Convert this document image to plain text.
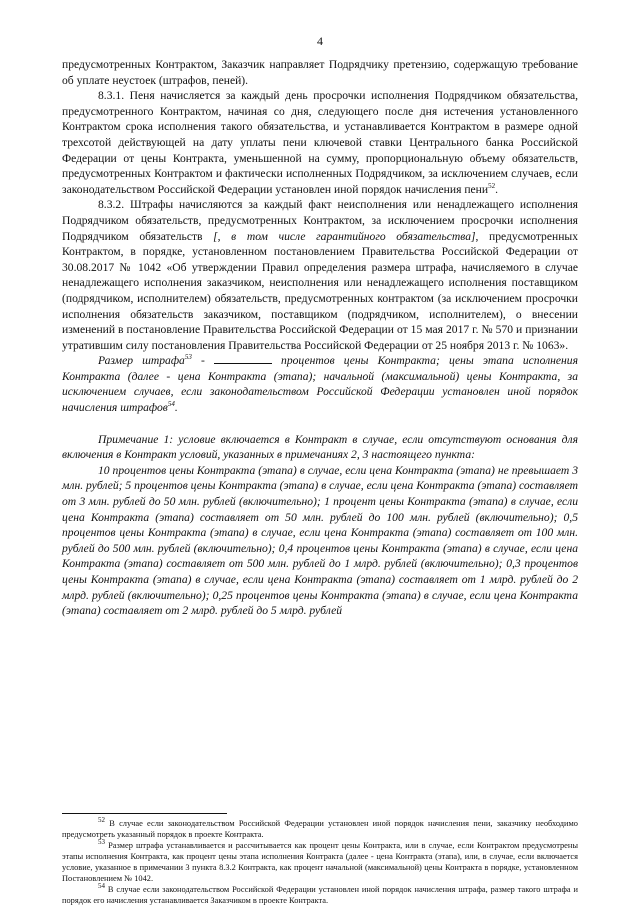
4

предусмотренных Контрактом, Заказчик направляет Подрядчику претензию, содержащую требование об уплате неустоек (штрафов, пеней).

8.3.1. Пеня начисляется за каждый день просрочки исполнения Подрядчиком обязательства, предусмотренного Контрактом, начиная со дня, следующего после дня истечения установленного Контрактом срока исполнения такого обязательства, и устанавливается Контрактом в размере одной трехсотой действующей на дату уплаты пени ключевой ставки Центрального банка Российской Федерации от цены Контракта, уменьшенной на сумму, пропорциональную объему обязательств, предусмотренных Контрактом и фактически исполненных Подрядчиком, за исключением случаев, если законодательством Российской Федерации установлен иной порядок начисления пени$^{52}$.

8.3.2. Штрафы начисляются за каждый факт неисполнения или ненадлежащего исполнения Подрядчиком обязательств, предусмотренных Контрактом, за исключением просрочки исполнения Подрядчиком обязательств [, в том числе гарантийного обязательства], предусмотренных Контрактом, в порядке, установленном постановлением Правительства Российской Федерации от 30.08.2017 № 1042 «Об утверждении Правил определения размера штрафа, начисляемого в случае ненадлежащего исполнения заказчиком, неисполнения или ненадлежащего исполнения поставщиком (подрядчиком, исполнителем) обязательств, предусмотренных контрактом (за исключением просрочки исполнения обязательств заказчиком, поставщиком (подрядчиком, исполнителем), о внесении изменений в постановление Правительства Российской Федерации от 15 мая 2017 г. № 570 и признании утратившим силу постановления Правительства Российской Федерации от 25 ноября 2013 г. № 1063».

Размер штрафа$^{53}$ -	процентов цены Контракта; цены этапа исполнения Контракта (далее - цена Контракта (этапа); начальной (максимальной) цены Контракта, за исключением случаев, если законодательством Российской Федерации установлен иной порядок начисления штрафов$^{54}$.

Примечание 1: условие включается в Контракт в случае, если отсутствуют основания для включения в Контракт условий, указанных в примечаниях 2, 3 настоящего пункта:

10 процентов цены Контракта (этапа) в случае, если цена Контракта (этапа) не превышает 3 млн. рублей; 5 процентов цены Контракта (этапа) в случае, если цена Контракта (этапа) составляет от 3 млн. рублей до 50 млн. рублей (включительно); 1 процент цены Контракта (этапа) в случае, если цена Контракта (этапа) составляет от 50 млн. рублей до 100 млн. рублей (включительно); 0,5 процентов цены Контракта (этапа) в случае, если цена Контракта (этапа) составляет от 100 млн. рублей до 500 млн. рублей (включительно); 0,4 процентов цены Контракта (этапа) в случае, если цена Контракта (этапа) составляет от 500 млн. рублей до 1 млрд. рублей (включительно); 0,3 процентов цены Контракта (этапа) в случае, если цена Контракта (этапа) составляет от 1 млрд. рублей до 2 млрд. рублей (включительно); 0,25 процентов цены Контракта (этапа) в случае, если цена Контракта (этапа) составляет от 2 млрд. рублей до 5 млрд. рублей

$^{52}$ В случае если законодательством Российской Федерации установлен иной порядок начисления пени, заказчику необходимо предусмотреть указанный порядок в проекте Контракта.

$^{53}$ Размер штрафа устанавливается и рассчитывается как процент цены Контракта, или в случае, если Контрактом предусмотрены этапы исполнения Контракта, как процент цены этапа исполнения Контракта (далее - цена Контракта (этапа), или, в случае, если включается условие, указанное в примечании 3 пункта 8.3.2 Контракта, как процент начальной (максимальной) цены Контракта в порядке, установленном Постановлением № 1042.

$^{54}$ В случае если законодательством Российской Федерации установлен иной порядок начисления штрафа, размер такого штрафа и порядок его начисления устанавливается Заказчиком в проекте Контракта.
